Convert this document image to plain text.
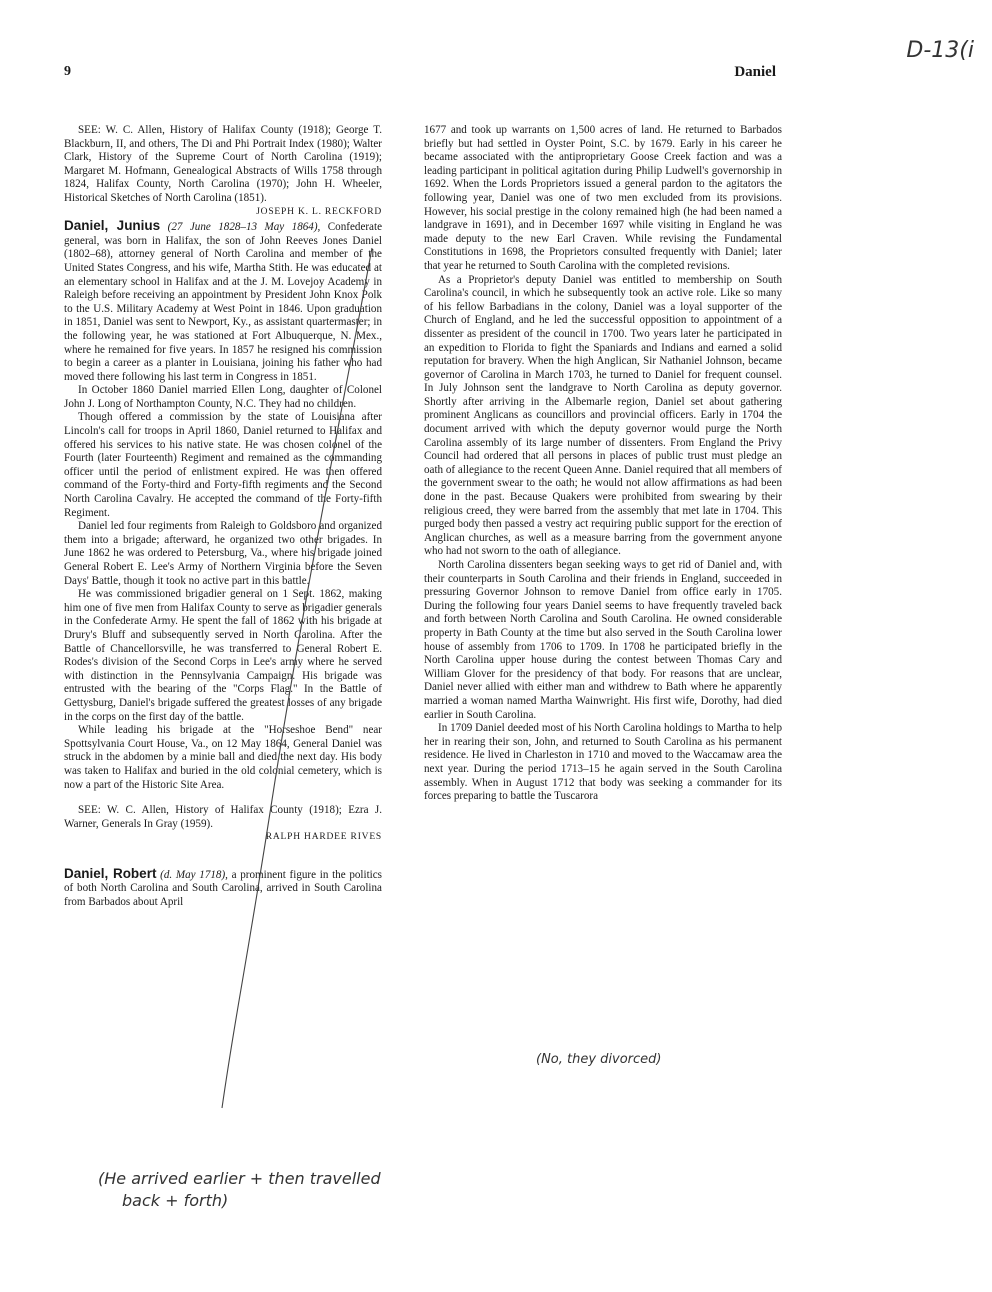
9	Daniel
D-13(i

SEE: W. C. Allen, History of Halifax County (1918); George T. Blackburn, II, and others, The Di and Phi Portrait Index (1980); Walter Clark, History of the Supreme Court of North Carolina (1919); Margaret M. Hofmann, Genealogical Abstracts of Wills 1758 through 1824, Halifax County, North Carolina (1970); John H. Wheeler, Historical Sketches of North Carolina (1851).

JOSEPH K. L. RECKFORD

Daniel, Junius (27 June 1828–13 May 1864), Confederate general, was born in Halifax, the son of John Reeves Jones Daniel (1802–68), attorney general of North Carolina and member of the United States Congress, and his wife, Martha Stith. He was educated at an elementary school in Halifax and at the J. M. Lovejoy Academy in Raleigh before receiving an appointment by President John Knox Polk to the U.S. Military Academy at West Point in 1846. Upon graduation in 1851, Daniel was sent to Newport, Ky., as assistant quartermaster; in the following year, he was stationed at Fort Albuquerque, N. Mex., where he remained for five years. In 1857 he resigned his commission to begin a career as a planter in Louisiana, joining his father who had moved there following his last term in Congress in 1851.

In October 1860 Daniel married Ellen Long, daughter of Colonel John J. Long of Northampton County, N.C. They had no children.

Though offered a commission by the state of Louisiana after Lincoln's call for troops in April 1860, Daniel returned to Halifax and offered his services to his native state. He was chosen colonel of the Fourth (later Fourteenth) Regiment and remained as the commanding officer until the period of enlistment expired. He was then offered command of the Forty-third and Forty-fifth regiments and the Second North Carolina Cavalry. He accepted the command of the Forty-fifth Regiment.

Daniel led four regiments from Raleigh to Goldsboro and organized them into a brigade; afterward, he organized two other brigades. In June 1862 he was ordered to Petersburg, Va., where his brigade joined General Robert E. Lee's Army of Northern Virginia before the Seven Days' Battle, though it took no active part in this battle.

He was commissioned brigadier general on 1 Sept. 1862, making him one of five men from Halifax County to serve as brigadier generals in the Confederate Army. He spent the fall of 1862 with his brigade at Drury's Bluff and subsequently served in North Carolina. After the Battle of Chancellorsville, he was transferred to General Robert E. Rodes's division of the Second Corps in Lee's army where he served with distinction in the Pennsylvania Campaign. His brigade was entrusted with the bearing of the "Corps Flag." In the Battle of Gettysburg, Daniel's brigade suffered the greatest losses of any brigade in the corps on the first day of the battle.

While leading his brigade at the "Horseshoe Bend" near Spottsylvania Court House, Va., on 12 May 1864, General Daniel was struck in the abdomen by a minie ball and died the next day. His body was taken to Halifax and buried in the old colonial cemetery, which is now a part of the Historic Site Area.

SEE: W. C. Allen, History of Halifax County (1918); Ezra J. Warner, Generals In Gray (1959).

RALPH HARDEE RIVES

Daniel, Robert (d. May 1718), a prominent figure in the politics of both North Carolina and South Carolina, arrived in South Carolina from Barbados about April

1677 and took up warrants on 1,500 acres of land. He returned to Barbados briefly but had settled in Oyster Point, S.C. by 1679. Early in his career he became associated with the antiproprietary Goose Creek faction and was a leading participant in political agitation during Philip Ludwell's governorship in 1692. When the Lords Proprietors issued a general pardon to the agitators the following year, Daniel was one of two men excluded from its provisions. However, his social prestige in the colony remained high (he had been named a landgrave in 1691), and in December 1697 while visiting in England he was made deputy to the new Earl Craven. While revising the Fundamental Constitutions in 1698, the Proprietors consulted frequently with Daniel; later that year he returned to South Carolina with the completed revisions.

As a Proprietor's deputy Daniel was entitled to membership on South Carolina's council, in which he subsequently took an active role. Like so many of his fellow Barbadians in the colony, Daniel was a loyal supporter of the Church of England, and he led the successful opposition to appointment of a dissenter as president of the council in 1700. Two years later he participated in an expedition to Florida to fight the Spaniards and Indians and earned a solid reputation for bravery. When the high Anglican, Sir Nathaniel Johnson, became governor of Carolina in March 1703, he turned to Daniel for frequent counsel. In July Johnson sent the landgrave to North Carolina as deputy governor. Shortly after arriving in the Albemarle region, Daniel set about gathering prominent Anglicans as councillors and provincial officers. Early in 1704 the document arrived with which the deputy governor would purge the North Carolina assembly of its large number of dissenters. From England the Privy Council had ordered that all persons in places of public trust must pledge an oath of allegiance to the recent Queen Anne. Daniel required that all members of the government swear to the oath; he would not allow affirmations as had been done in the past. Because Quakers were prohibited from swearing by their religious creed, they were barred from the assembly that met late in 1704. This purged body then passed a vestry act requiring public support for the erection of Anglican churches, as well as a measure barring from the government anyone who had not sworn to the oath of allegiance.

North Carolina dissenters began seeking ways to get rid of Daniel and, with their counterparts in South Carolina and their friends in England, succeeded in pressuring Governor Johnson to remove Daniel from office early in 1705. During the following four years Daniel seems to have frequently traveled back and forth between North Carolina and South Carolina. He owned considerable property in Bath County at the time but also served in the South Carolina lower house of assembly from 1706 to 1709. In 1708 he participated briefly in the North Carolina upper house during the contest between Thomas Cary and William Glover for the presidency of that body. For reasons that are unclear, Daniel never allied with either man and withdrew to Bath where he apparently married a woman named Martha Wainwright. His first wife, Dorothy, had died earlier in South Carolina.

In 1709 Daniel deeded most of his North Carolina holdings to Martha to help her in rearing their son, John, and returned to South Carolina as his permanent residence. He lived in Charleston in 1710 and moved to the Waccamaw area the next year. During the period 1713–15 he again served in the South Carolina assembly. When in August 1712 that body was seeking a commander for its forces preparing to battle the Tuscarora

(He arrived earlier + then travelled
back + forth)
(No, they divorced)
